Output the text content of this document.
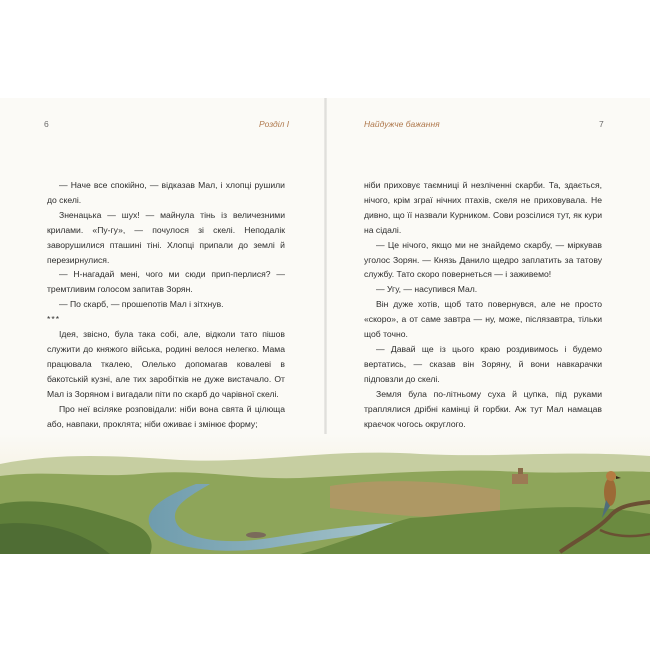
6	Розділ I	Найдужче бажання	7

— Наче все спокійно, — відказав Мал, і хлопці рушили до скелі.

Зненацька — шух! — майнула тінь із величезними крилами. «Пу-гу», — почулося зі скелі. Неподалік заворушилися пташині тіні. Хлопці припали до землі й перезирнулися.

— Н-нагадай мені, чого ми сюди прип-перлися? — тремтливим голосом запитав Зорян.

— По скарб, — прошепотів Мал і зітхнув.

***

Ідея, звісно, була така собі, але, відколи тато пішов служити до княжого війська, родині велося нелегко. Мама працювала ткалею, Олелько допомагав ковалеві в бакотській кузні, але тих заробітків не дуже вистачало. От Мал із Зоряном і вигадали піти по скарб до чарівної скелі.

Про неї всіляке розповідали: ніби вона свята й цілюща або, навпаки, проклята; ніби оживає і змінює форму;

ніби приховує таємниці й незліченні скарби. Та, здається, нічого, крім зграї нічних птахів, скеля не приховувала. Не дивно, що її назвали Курником. Сови розсілися тут, як кури на сідалі.

— Це нічого, якщо ми не знайдемо скарбу, — міркував уголос Зорян. — Князь Данило щедро заплатить за татову службу. Тато скоро повернеться — і заживемо!

— Угу, — насупився Мал.

Він дуже хотів, щоб тато повернувся, але не просто «скоро», а от саме завтра — ну, може, післязавтра, тільки щоб точно.

— Давай ще із цього краю роздивимось і будемо вертатись, — сказав він Зоряну, й вони навкарачки підповзли до скелі.

Земля була по-літньому суха й цупка, під руками траплялися дрібні камінці й горбки. Аж тут Мал намацав краєчок чогось округлого.
